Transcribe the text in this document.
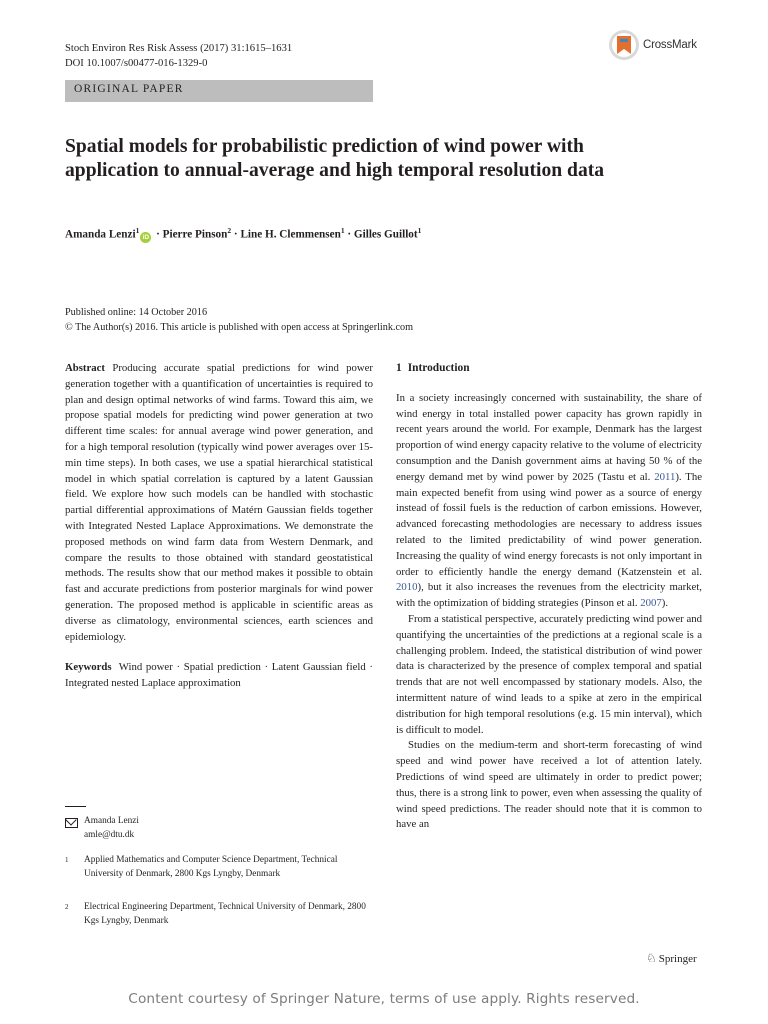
Stoch Environ Res Risk Assess (2017) 31:1615–1631
DOI 10.1007/s00477-016-1329-0
CrossMark
ORIGINAL PAPER
Spatial models for probabilistic prediction of wind power with application to annual-average and high temporal resolution data
Amanda Lenzi$^1$iD · Pierre Pinson$^2$ · Line H. Clemmensen$^1$ · Gilles Guillot$^1$
Published online: 14 October 2016
© The Author(s) 2016. This article is published with open access at Springerlink.com

Abstract Producing accurate spatial predictions for wind power generation together with a quantification of uncertainties is required to plan and design optimal networks of wind farms. Toward this aim, we propose spatial models for predicting wind power generation at two different time scales: for annual average wind power generation, and for a high temporal resolution (typically wind power averages over 15-min time steps). In both cases, we use a spatial hierarchical statistical model in which spatial correlation is captured by a latent Gaussian field. We explore how such models can be handled with stochastic partial differential approximations of Matérn Gaussian fields together with Integrated Nested Laplace Approximations. We demonstrate the proposed methods on wind farm data from Western Denmark, and compare the results to those obtained with standard geostatistical methods. The results show that our method makes it possible to obtain fast and accurate predictions from posterior marginals for wind power generation. The proposed method is applicable in scientific areas as diverse as climatology, environmental sciences, earth sciences and epidemiology.

Keywords Wind power · Spatial prediction · Latent Gaussian field · Integrated nested Laplace approximation

Amanda Lenzi
amle@dtu.dk
1 Applied Mathematics and Computer Science Department, Technical University of Denmark, 2800 Kgs Lyngby, Denmark
2 Electrical Engineering Department, Technical University of Denmark, 2800 Kgs Lyngby, Denmark

1 Introduction

In a society increasingly concerned with sustainability, the share of wind energy in total installed power capacity has grown rapidly in recent years around the world. For example, Denmark has the largest proportion of wind energy capacity relative to the volume of electricity consumption and the Danish government aims at having 50 % of the energy demand met by wind power by 2025 (Tastu et al. 2011). The main expected benefit from using wind power as a source of energy instead of fossil fuels is the reduction of carbon emissions. However, advanced forecasting methodologies are necessary to address issues related to the limited predictability of wind power generation. Increasing the quality of wind energy forecasts is not only important in order to efficiently handle the energy demand (Katzenstein et al. 2010), but it also increases the revenues from the electricity market, with the optimization of bidding strategies (Pinson et al. 2007).

From a statistical perspective, accurately predicting wind power and quantifying the uncertainties of the predictions at a regional scale is a challenging problem. Indeed, the statistical distribution of wind power data is characterized by the presence of complex temporal and spatial trends that are not well encompassed by stationary models. Also, the intermittent nature of wind leads to a spike at zero in the empirical distribution for high temporal resolutions (e.g. 15 min interval), which is difficult to model.

Studies on the medium-term and short-term forecasting of wind speed and wind power have received a lot of attention lately. Predictions of wind speed are ultimately in order to predict power; thus, there is a strong link to power, even when assessing the quality of wind speed predictions. The reader should note that it is common to have an

♘ Springer
Content courtesy of Springer Nature, terms of use apply. Rights reserved.
